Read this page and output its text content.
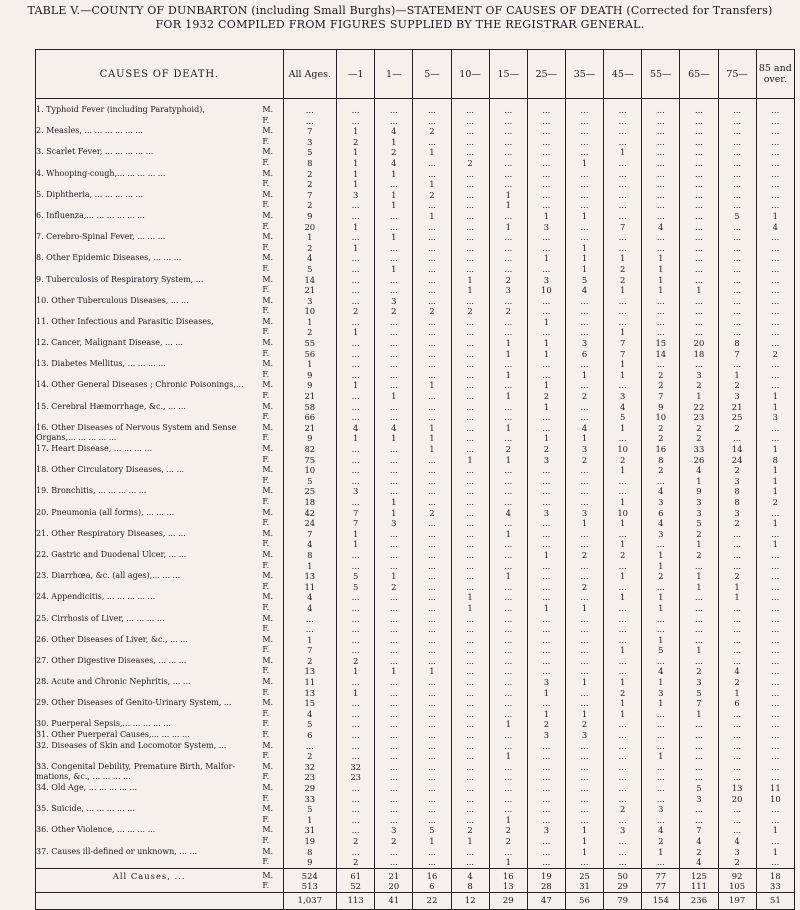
TABLE V.—COUNTY OF DUNBARTON (including Small Burghs)—STATEMENT OF CAUSES OF DEATH (Corrected for Transfers)
FOR 1932 COMPILED FROM FIGURES SUPPLIED BY THE REGISTRAR GENERAL.
CAUSES OF DEATH.		All Ages.	—1	1—	5—	10—	15—	25—	35—	45—	55—	65—	75—	85 and over.
1. Typhoid Fever (including Paratyphoid),	M.	...	...	...	...	...	...	...	...	...	...	...	...	...
	F.	...	...	...	...	...	...	...	...	...	...	...	...	...
2. Measles, ... ... ... ... ... ...	M.	7	1	4	2	...	...	...	...	...	...	...	...	...
	F.	3	2	1	...	...	...	...	...	...	...	...	...	...
3. Scarlet Fever, ... ... ... ... ...	M.	5	1	2	1	...	...	...	...	1	...	...	...	...
	F.	8	1	4	...	2	...	...	1	...	...	...	...	...
4. Whooping-cough,... ... ... ... ...	M.	2	1	1	...	...	...	...	...	...	...	...	...	...
	F.	2	1	...	1	...	...	...	...	...	...	...	...	...
5. Diphtheria, ... ... ... ... ...	M.	7	3	1	2	...	1	...	...	...	...	...	...	...
	F.	2	...	1	...	...	1	...	...	...	...	...	...	...
6. Influenza,... ... ... ... ... ...	M.	9	...	...	1	...	...	1	1	...	...	...	5	1
	F.	20	1	...	...	...	1	3	...	7	4	...	...	4
7. Cerebro-Spinal Fever, ... ... ...	M.	1	...	1	...	...	...	...	...	...	...	...	...	...
	F.	2	1	...	...	...	...	...	1	...	...	...	...	...
8. Other Epidemic Diseases, ... ... ...	M.	4	...	...	...	...	...	1	1	1	1	...	...	...
	F.	5	...	1	...	...	...	...	1	2	1	...	...	...
9. Tuberculosis of Respiratory System, ...	M.	14	...	...	...	1	2	3	5	2	1	...	...	...
	F.	21	...	...	...	1	3	10	4	1	1	1	...	...
10. Other Tuberculous Diseases, ... ...	M.	3	...	3	...	...	...	...	...	...	...	...	...	...
	F.	10	2	2	2	2	2	...	...	...	...	...	...	...
11. Other Infectious and Parasitic Diseases,	M.	1	...	...	...	...	...	1	...	...	...	...	...	...
	F.	2	1	...	...	...	...	...	...	1	...	...	...	...
12. Cancer, Malignant Disease, ... ...	M.	55	...	...	...	...	1	1	3	7	15	20	8	...
	F.	56	...	...	...	...	1	1	6	7	14	18	7	2
13. Diabetes Mellitus, ... ... ... ...	M.	1	...	...	...	...	...	...	...	1	...	...	...	...
	F.	9	...	...	...	...	1	...	1	1	2	3	1	...
14. Other General Diseases ; Chronic Poisonings,...	M.	9	1	...	1	...	...	1	...	...	2	2	2	...
	F.	21	...	1	...	...	1	2	2	3	7	1	3	1
15. Cerebral Hæmorrhage, &c., ... ...	M.	58	...	...	...	...	...	1	...	4	9	22	21	1
	F.	66	...	...	...	...	...	...	...	5	10	23	25	3
16. Other Diseases of Nervous System and Sense	M.	21	4	4	1	...	1	...	4	1	2	2	2	...
Organs,... ... ... ... ...	F.	9	1	1	1	...	...	1	1	...	2	2	...	...
17. Heart Disease, ... ... ... ...	M.	82	...	...	1	...	2	2	3	10	16	33	14	1
	F.	75	...	...	...	1	1	3	2	2	8	26	24	8
18. Other Circulatory Diseases, ... ...	M.	10	...	...	...	...	...	...	...	1	2	4	2	1
	F.	5	...	...	...	...	...	...	...	...	...	1	3	1
19. Bronchitis, ... ... ... ... ...	M.	25	3	...	...	...	...	...	...	...	4	9	8	1
	F.	18	...	1	...	...	...	...	...	1	3	3	8	2
20. Pneumonia (all forms), ... ... ...	M.	42	7	1	2	...	4	3	3	10	6	3	3	...
	F.	24	7	3	...	...	...	...	1	1	4	5	2	1
21. Other Respiratory Diseases, ... ...	M.	7	1	...	...	...	1	...	...	...	3	2	...	...
	F.	4	1	...	...	...	...	...	...	1	...	1	...	1
22. Gastric and Duodenal Ulcer, ... ...	M.	8	...	...	...	...	...	1	2	2	1	2	...	...
	F.	1	...	...	...	...	...	...	...	...	1	...	...	...
23. Diarrhœa, &c. (all ages),... ... ...	M.	13	5	1	...	...	1	...	...	1	2	1	2	...
	F.	11	5	2	...	...	...	...	2	...	...	1	1	...
24. Appendicitis, ... ... ... ... ...	M.	4	...	...	...	1	...	...	...	1	1	...	1	...
	F.	4	...	...	...	1	...	1	1	...	1	...	...	...
25. Cirrhosis of Liver, ... ... ... ...	M.	...	...	...	...	...	...	...	...	...	...	...	...	...
	F.	...	...	...	...	...	...	...	...	...	...	...	...	...
26. Other Diseases of Liver, &c., ... ...	M.	1	...	...	...	...	...	...	...	...	1	...	...	...
	F.	7	...	...	...	...	...	...	...	1	5	1	...	...
27. Other Digestive Diseases, ... ... ...	M.	2	2	...	...	...	...	...	...	...	...	...	...	...
	F.	13	1	1	1	...	...	...	...	...	4	2	4	...
28. Acute and Chronic Nephritis, ... ...	M.	11	...	...	...	...	...	3	1	1	1	3	2	...
	F.	13	1	...	...	...	...	1	...	2	3	5	1	...
29. Other Diseases of Genito-Urinary System, ...	M.	15	...	...	...	...	...	...	...	1	1	7	6	...
	F.	4	...	...	...	...	...	1	1	1	...	1	...	...
30. Puerperal Sepsis,... ... ... ... ...	F.	5	...	...	...	...	1	2	2	...	...	...	...	...
31. Other Puerperal Causes,... ... ... ...	F.	6	...	...	...	...	...	3	3	...	...	...	...	...
32. Diseases of Skin and Locomotor System, ...	M.	...	...	...	...	...	...	...	...	...	...	...	...	...
	F.	2	...	...	...	...	1	...	...	...	1	...	...	...
33. Congenital Debility, Premature Birth, Malfor-	M.	32	32	...	...	...	...	...	...	...	...	...	...	...
mations, &c., ... ... ... ...	F.	23	23	...	...	...	...	...	...	...	...	...	...	...
34. Old Age, ... ... ... ... ...	M.	29	...	...	...	...	...	...	...	...	...	5	13	11
	F.	33	...	...	...	...	...	...	...	...	...	3	20	10
35. Suicide, ... ... ... ... ...	M.	5	...	...	...	...	...	...	...	2	3	...	...	...
	F.	1	...	...	...	...	1	...	...	...	...	...	...	...
36. Other Violence, ... ... ... ...	M.	31	...	3	5	2	2	3	1	3	4	7	...	1
	F.	19	2	2	1	1	2	...	1	...	2	4	4	...
37. Causes ill-defined or unknown, ... ...	M.	8	...	...	...	...	...	...	1	...	1	2	3	1
	F.	9	2	...	...	...	1	...	...	...	...	4	2	...
All Causes, ...	M.	524	61	21	16	4	16	19	25	50	77	125	92	18
	F.	513	52	20	6	8	13	28	31	29	77	111	105	33
		1,037	113	41	22	12	29	47	56	79	154	236	197	51
